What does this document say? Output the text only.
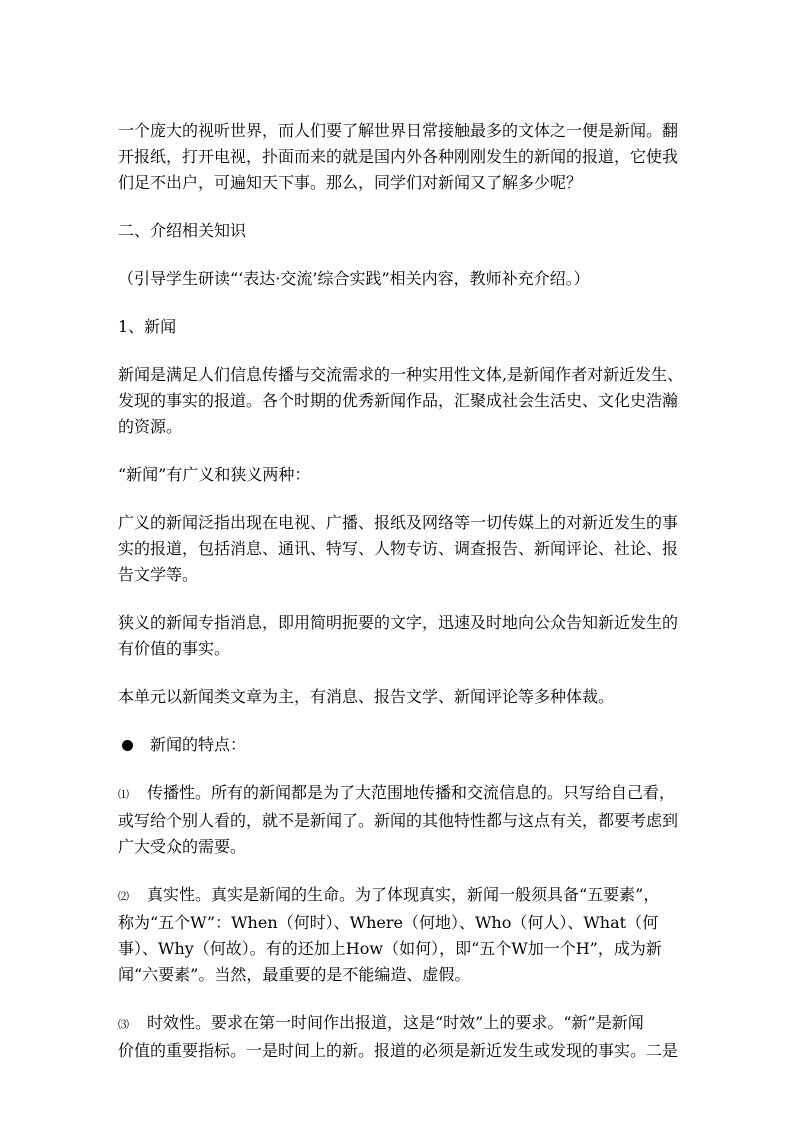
一个庞大的视听世界，而人们要了解世界日常接触最多的文体之一便是新闻。翻
开报纸，打开电视，扑面而来的就是国内外各种刚刚发生的新闻的报道，它使我
们足不出户，可遍知天下事。那么，同学们对新闻又了解多少呢？

二、介绍相关知识

（引导学生研读“‘表达·交流’综合实践”相关内容，教师补充介绍。）

1、新闻

新闻是满足人们信息传播与交流需求的一种实用性文体,是新闻作者对新近发生、
发现的事实的报道。各个时期的优秀新闻作品，汇聚成社会生活史、文化史浩瀚
的资源。

“新闻”有广义和狭义两种：

广义的新闻泛指出现在电视、广播、报纸及网络等一切传媒上的对新近发生的事
实的报道，包括消息、通讯、特写、人物专访、调查报告、新闻评论、社论、报
告文学等。

狭义的新闻专指消息，即用简明扼要的文字，迅速及时地向公众告知新近发生的
有价值的事实。

本单元以新闻类文章为主，有消息、报告文学、新闻评论等多种体裁。

新闻的特点：

⑴ 传播性。所有的新闻都是为了大范围地传播和交流信息的。只写给自己看，
或写给个别人看的，就不是新闻了。新闻的其他特性都与这点有关，都要考虑到
广大受众的需要。

⑵ 真实性。真实是新闻的生命。为了体现真实，新闻一般须具备“五要素”，
称为“五个W”：When（何时）、Where（何地）、Who（何人）、What（何
事）、Why（何故）。有的还加上How（如何），即“五个W加一个H”，成为新
闻“六要素”。当然，最重要的是不能编造、虚假。

⑶ 时效性。要求在第一时间作出报道，这是“时效”上的要求。“新”是新闻
价值的重要指标。一是时间上的新。报道的必须是新近发生或发现的事实。二是
